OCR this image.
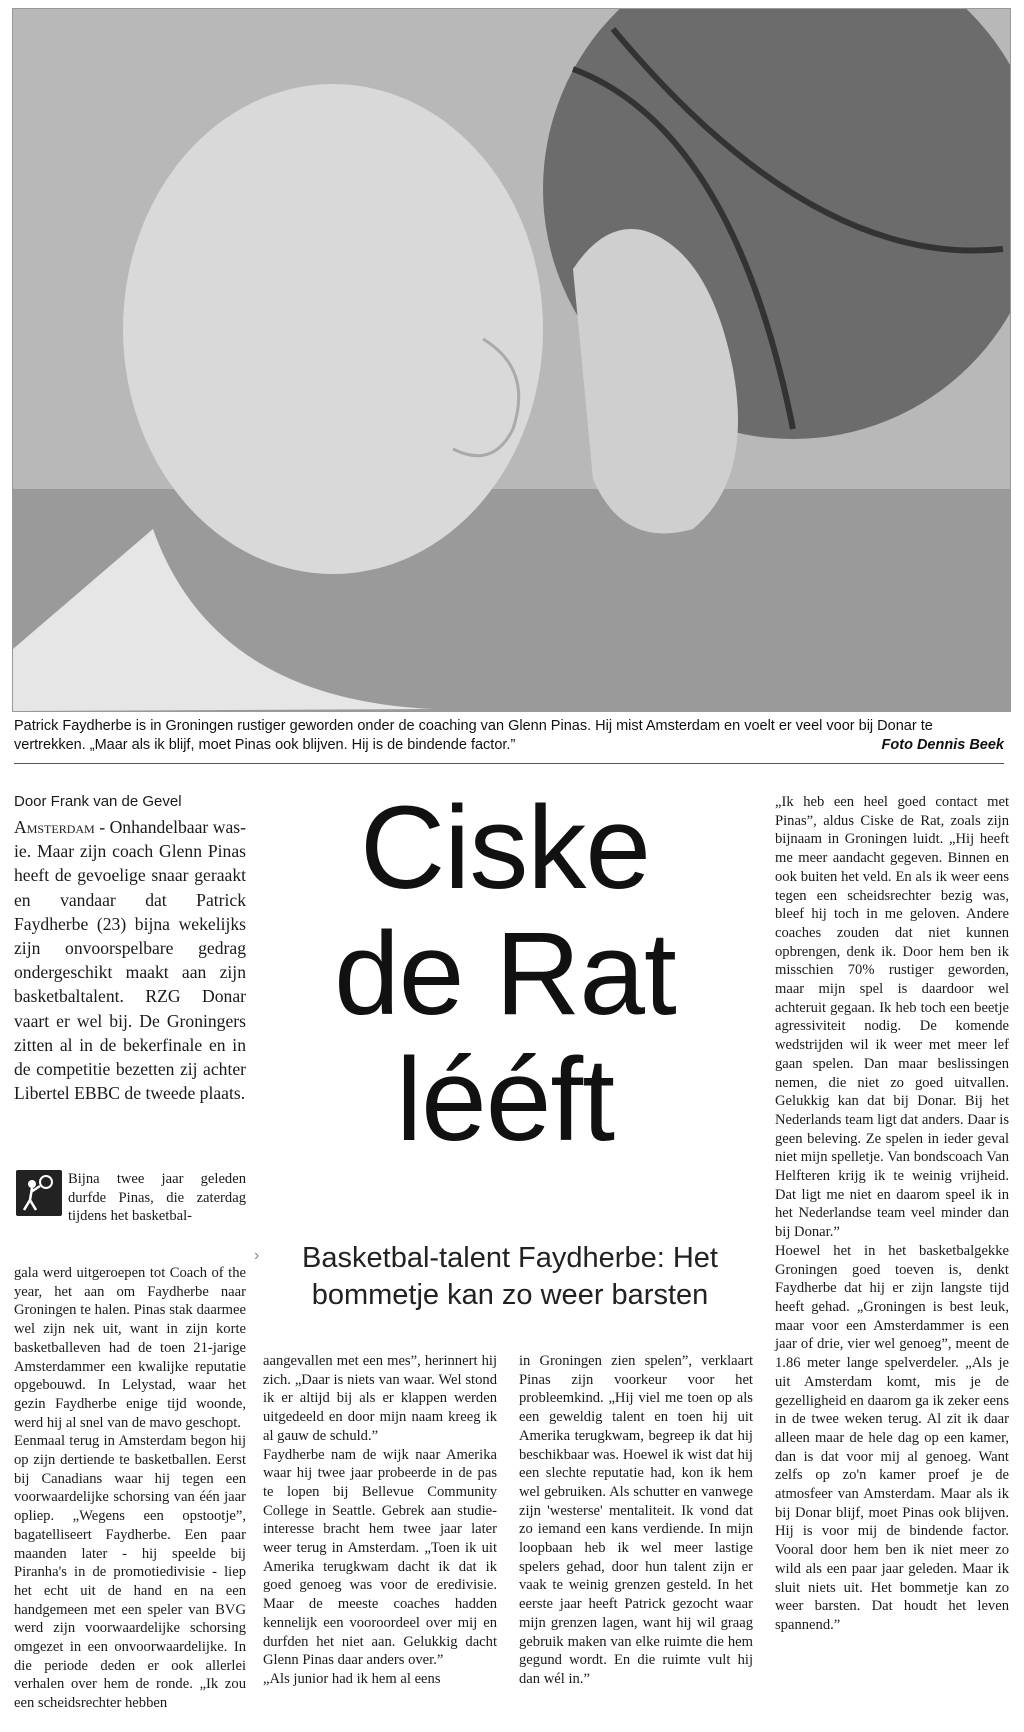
Patrick Faydherbe is in Groningen rustiger geworden onder de coaching van Glenn Pinas. Hij mist Amsterdam en voelt er veel voor bij Donar te vertrekken. „Maar als ik blijf, moet Pinas ook blijven. Hij is de bindende factor.”	Foto Dennis Beek
Door Frank van de Gevel
Amsterdam - Onhandelbaar was-ie. Maar zijn coach Glenn Pinas heeft de gevoelige snaar geraakt en vandaar dat Patrick Faydherbe (23) bijna wekelijks zijn onvoorspelbare gedrag ondergeschikt maakt aan zijn basketbaltalent. RZG Donar vaart er wel bij. De Groningers zitten al in de bekerfinale en in de competitie bezetten zij achter Libertel EBBC de tweede plaats.
Ciske
de Rat
lééft
›	Basketbal-talent Faydherbe: Het bommetje kan zo weer barsten

Bijna twee jaar geleden durfde Pinas, die zaterdag tijdens het basketbal-

gala werd uitgeroepen tot Coach of the year, het aan om Faydherbe naar Groningen te halen. Pinas stak daarmee wel zijn nek uit, want in zijn korte basketballeven had de toen 21-jarige Amsterdammer een kwalijke reputatie opgebouwd. In Lelystad, waar het gezin Faydherbe enige tijd woonde, werd hij al snel van de mavo geschopt.

Eenmaal terug in Amsterdam begon hij op zijn dertiende te basketballen. Eerst bij Canadians waar hij tegen een voorwaardelijke schorsing van één jaar opliep. „Wegens een opstootje”, bagatelliseert Faydherbe. Een paar maanden later - hij speelde bij Piranha's in de promotiedivisie - liep het echt uit de hand en na een handgemeen met een speler van BVG werd zijn voorwaardelijke schorsing omgezet in een onvoorwaardelijke. In die periode deden er ook allerlei verhalen over hem de ronde. „Ik zou een scheidsrechter hebben

aangevallen met een mes”, herinnert hij zich. „Daar is niets van waar. Wel stond ik er altijd bij als er klappen werden uitgedeeld en door mijn naam kreeg ik al gauw de schuld.”

Faydherbe nam de wijk naar Amerika waar hij twee jaar probeerde in de pas te lopen bij Bellevue Community College in Seattle. Gebrek aan studie-interesse bracht hem twee jaar later weer terug in Amsterdam. „Toen ik uit Amerika terugkwam dacht ik dat ik goed genoeg was voor de eredivisie. Maar de meeste coaches hadden kennelijk een vooroordeel over mij en durfden het niet aan. Gelukkig dacht Glenn Pinas daar anders over.”

„Als junior had ik hem al eens

in Groningen zien spelen”, verklaart Pinas zijn voorkeur voor het probleemkind. „Hij viel me toen op als een geweldig talent en toen hij uit Amerika terugkwam, begreep ik dat hij beschikbaar was. Hoewel ik wist dat hij een slechte reputatie had, kon ik hem wel gebruiken. Als schutter en vanwege zijn 'westerse' mentaliteit. Ik vond dat zo iemand een kans verdiende. In mijn loopbaan heb ik wel meer lastige spelers gehad, door hun talent zijn er vaak te weinig grenzen gesteld. In het eerste jaar heeft Patrick gezocht waar mijn grenzen lagen, want hij wil graag gebruik maken van elke ruimte die hem gegund wordt. En die ruimte vult hij dan wél in.”

„Ik heb een heel goed contact met Pinas”, aldus Ciske de Rat, zoals zijn bijnaam in Groningen luidt. „Hij heeft me meer aandacht gegeven. Binnen en ook buiten het veld. En als ik weer eens tegen een scheidsrechter bezig was, bleef hij toch in me geloven. Andere coaches zouden dat niet kunnen opbrengen, denk ik. Door hem ben ik misschien 70% rustiger geworden, maar mijn spel is daardoor wel achteruit gegaan. Ik heb toch een beetje agressiviteit nodig. De komende wedstrijden wil ik weer met meer lef gaan spelen. Dan maar beslissingen nemen, die niet zo goed uitvallen. Gelukkig kan dat bij Donar. Bij het Nederlands team ligt dat anders. Daar is geen beleving. Ze spelen in ieder geval niet mijn spelletje. Van bondscoach Van Helfteren krijg ik te weinig vrijheid. Dat ligt me niet en daarom speel ik in het Nederlandse team veel minder dan bij Donar.”

Hoewel het in het basketbalgekke Groningen goed toeven is, denkt Faydherbe dat hij er zijn langste tijd heeft gehad. „Groningen is best leuk, maar voor een Amsterdammer is een jaar of drie, vier wel genoeg”, meent de 1.86 meter lange spelverdeler. „Als je uit Amsterdam komt, mis je de gezelligheid en daarom ga ik zeker eens in de twee weken terug. Al zit ik daar alleen maar de hele dag op een kamer, dan is dat voor mij al genoeg. Want zelfs op zo'n kamer proef je de atmosfeer van Amsterdam. Maar als ik bij Donar blijf, moet Pinas ook blijven. Hij is voor mij de bindende factor. Vooral door hem ben ik niet meer zo wild als een paar jaar geleden. Maar ik sluit niets uit. Het bommetje kan zo weer barsten. Dat houdt het leven spannend.”
